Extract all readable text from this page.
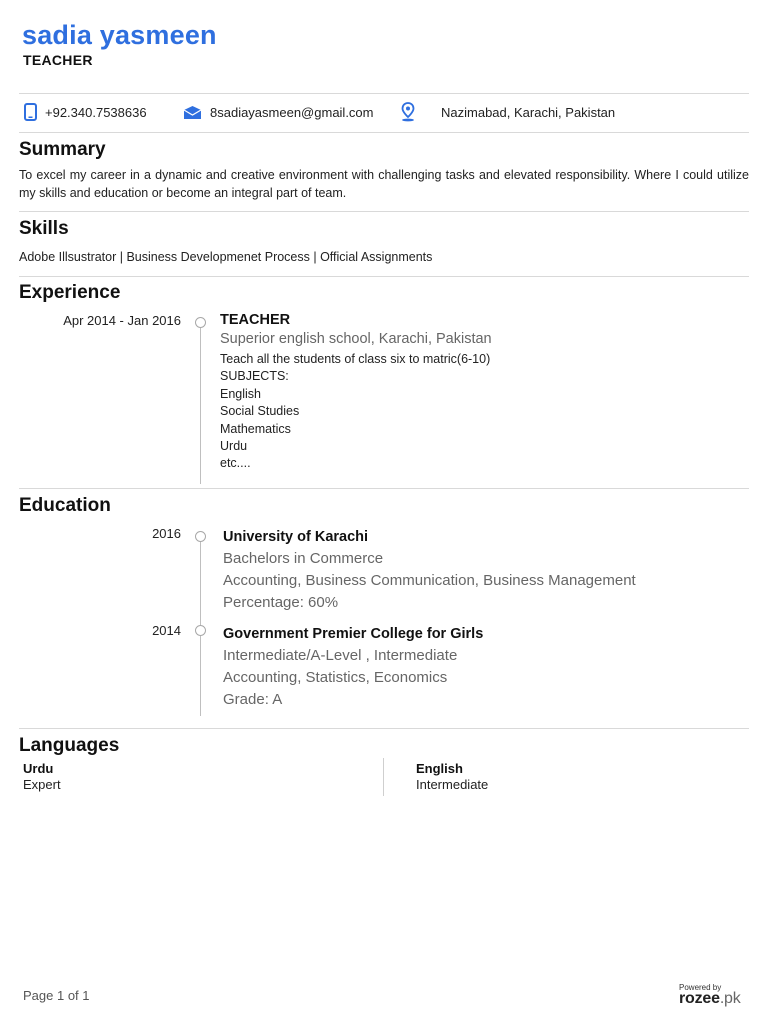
sadia yasmeen
TEACHER
+92.340.7538636	8sadiayasmeen@gmail.com	Nazimabad, Karachi, Pakistan
Summary
To excel my career in a dynamic and creative environment with challenging tasks and elevated responsibility. Where I could utilize my skills and education or become an integral part of team.
Skills
Adobe Illsustrator | Business Developmenet Process | Official Assignments
Experience
Apr 2014 - Jan 2016	TEACHER
Superior english school, Karachi, Pakistan
Teach all the students of class six to matric(6-10)
SUBJECTS:
English
Social Studies
Mathematics
Urdu
etc....
Education
2016	University of Karachi
Bachelors in Commerce
Accounting, Business Communication, Business Management
Percentage: 60%
2014	Government Premier College for Girls
Intermediate/A-Level , Intermediate
Accounting, Statistics, Economics
Grade: A
Languages
Urdu
Expert
English
Intermediate
Page 1 of 1
Powered by
rozee.pk
